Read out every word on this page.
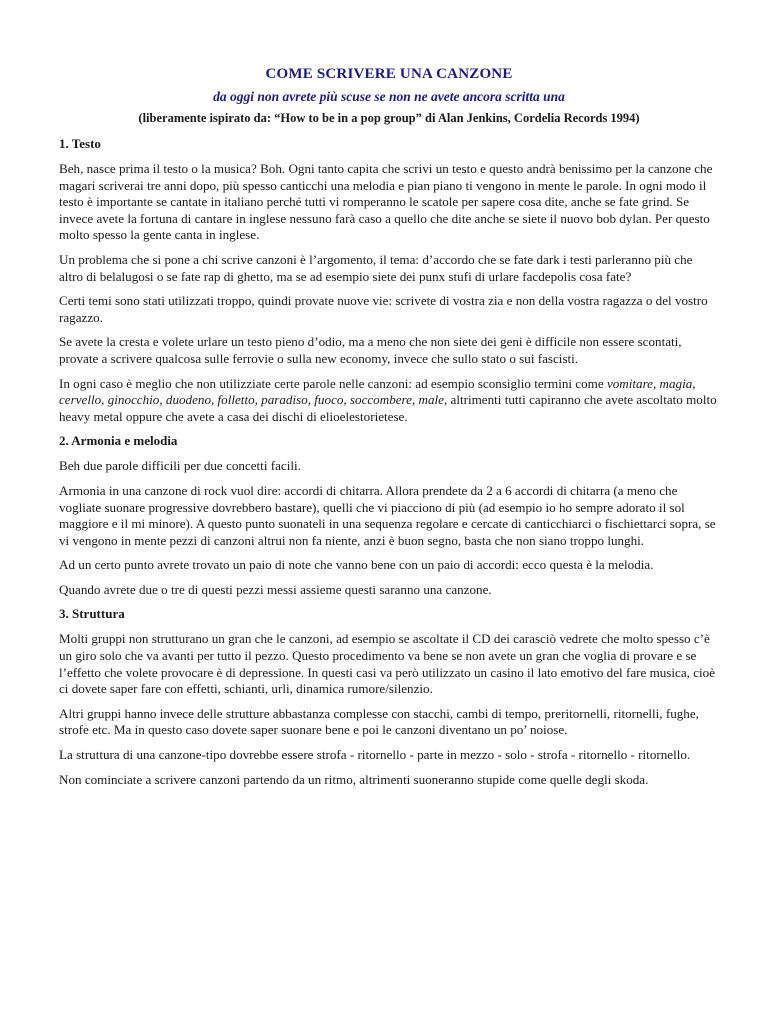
COME SCRIVERE UNA CANZONE
da oggi non avrete più scuse se non ne avete ancora scritta una
(liberamente ispirato da: “How to be in a pop group” di Alan Jenkins, Cordelia Records 1994)
1. Testo

Beh, nasce prima il testo o la musica? Boh. Ogni tanto capita che scrivi un testo e questo andrà benissimo per la canzone che magari scriverai tre anni dopo, più spesso canticchi una melodia e pian piano ti vengono in mente le parole. In ogni modo il testo è importante se cantate in italiano perché tutti vi romperanno le scatole per sapere cosa dite, anche se fate grind. Se invece avete la fortuna di cantare in inglese nessuno farà caso a quello che dite anche se siete il nuovo bob dylan. Per questo molto spesso la gente canta in inglese.

Un problema che si pone a chi scrive canzoni è l’argomento, il tema: d’accordo che se fate dark i testi parleranno più che altro di belalugosi o se fate rap di ghetto, ma se ad esempio siete dei punx stufi di urlare facdepolis cosa fate?

Certi temi sono stati utilizzati troppo, quindi provate nuove vie: scrivete di vostra zia e non della vostra ragazza o del vostro ragazzo.

Se avete la cresta e volete urlare un testo pieno d’odio, ma a meno che non siete dei geni è difficile non essere scontati, provate a scrivere qualcosa sulle ferrovie o sulla new economy, invece che sullo stato o sui fascisti.

In ogni caso è meglio che non utilizziate certe parole nelle canzoni: ad esempio sconsiglio termini come vomitare, magia, cervello, ginocchio, duodeno, folletto, paradiso, fuoco, soccombere, male, altrimenti tutti capiranno che avete ascoltato molto heavy metal oppure che avete a casa dei dischi di elioelestorietese.

2. Armonia e melodia

Beh due parole difficili per due concetti facili.

Armonia in una canzone di rock vuol dire: accordi di chitarra. Allora prendete da 2 a 6 accordi di chitarra (a meno che vogliate suonare progressive dovrebbero bastare), quelli che vi piacciono di più (ad esempio io ho sempre adorato il sol maggiore e il mi minore). A questo punto suonateli in una sequenza regolare e cercate di canticchiarci o fischiettarci sopra, se vi vengono in mente pezzi di canzoni altrui non fa niente, anzi è buon segno, basta che non siano troppo lunghi.

Ad un certo punto avrete trovato un paio di note che vanno bene con un paio di accordi: ecco questa è la melodia.

Quando avrete due o tre di questi pezzi messi assieme questi saranno una canzone.

3. Struttura

Molti gruppi non strutturano un gran che le canzoni, ad esempio se ascoltate il CD dei carasciò vedrete che molto spesso c’è un giro solo che va avanti per tutto il pezzo. Questo procedimento va bene se non avete un gran che voglia di provare e se l’effetto che volete provocare è di depressione. In questi casi va però utilizzato un casino il lato emotivo del fare musica, cioè ci dovete saper fare con effetti, schianti, urli, dinamica rumore/silenzio.

Altri gruppi hanno invece delle strutture abbastanza complesse con stacchi, cambi di tempo, preritornelli, ritornelli, fughe, strofe etc. Ma in questo caso dovete saper suonare bene e poi le canzoni diventano un po’ noiose.

La struttura di una canzone-tipo dovrebbe essere strofa - ritornello - parte in mezzo - solo - strofa - ritornello - ritornello.

Non cominciate a scrivere canzoni partendo da un ritmo, altrimenti suoneranno stupide come quelle degli skoda.
